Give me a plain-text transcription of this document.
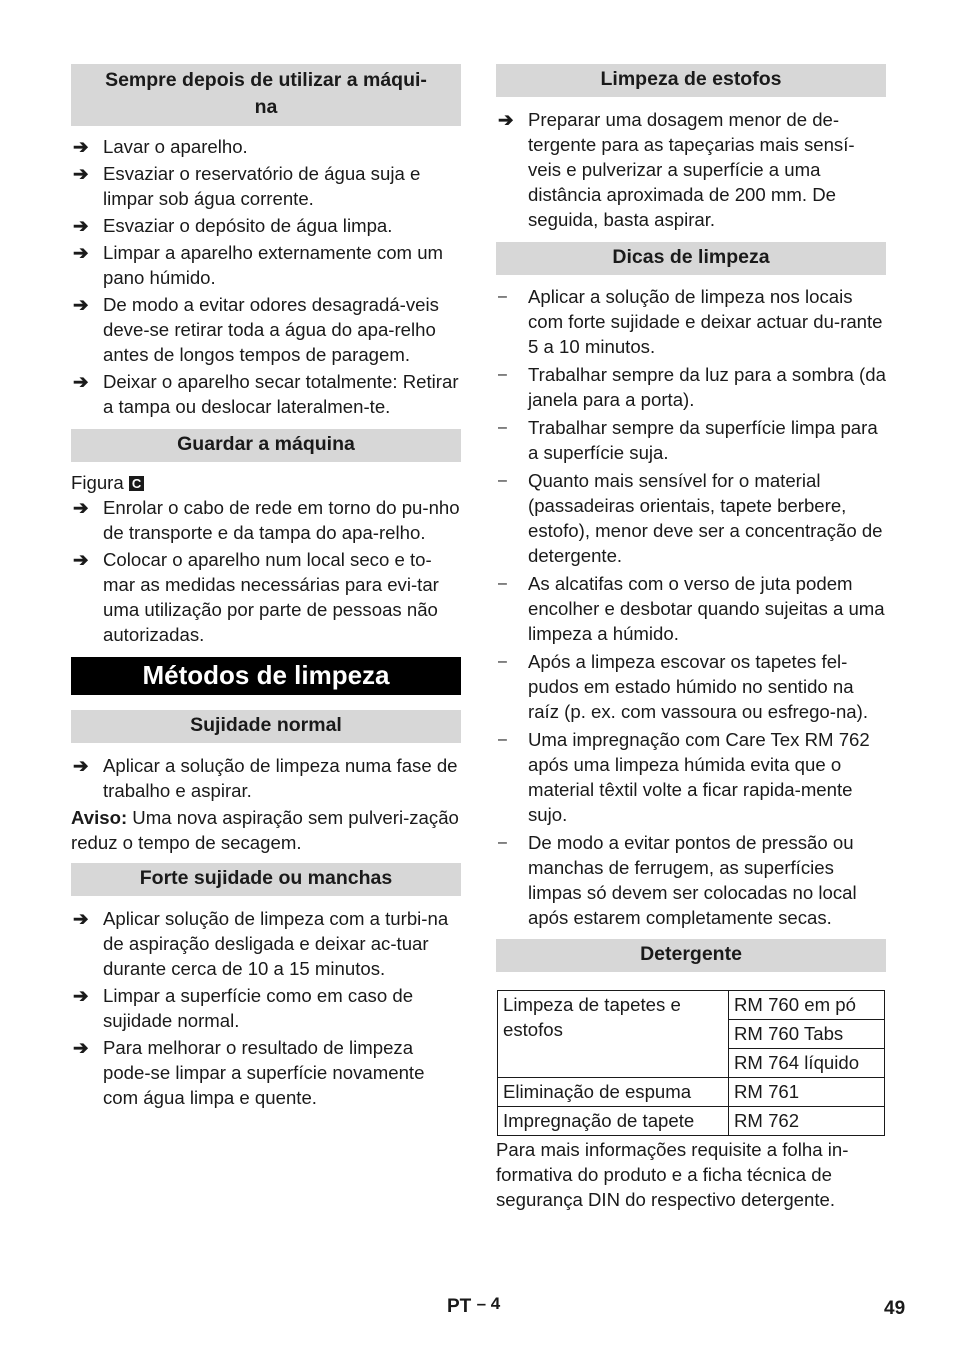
Sempre depois de utilizar a máqui-
na
➔ Lavar o aparelho.
➔ Esvaziar o reservatório de água suja e limpar sob água corrente.
➔ Esvaziar o depósito de água limpa.
➔ Limpar a aparelho externamente com um pano húmido.
➔ De modo a evitar odores desagradá-veis deve-se retirar toda a água do apa-relho antes de longos tempos de paragem.
➔ Deixar o aparelho secar totalmente: Retirar a tampa ou deslocar lateralmen-te.
Guardar a máquina
Figura C
➔ Enrolar o cabo de rede em torno do pu-nho de transporte e da tampa do apa-relho.
➔ Colocar o aparelho num local seco e to-mar as medidas necessárias para evi-tar uma utilização por parte de pessoas não autorizadas.
Métodos de limpeza
Sujidade normal
➔ Aplicar a solução de limpeza numa fase de trabalho e aspirar.
Aviso: Uma nova aspiração sem pulveri-zação reduz o tempo de secagem.
Forte sujidade ou manchas
➔ Aplicar solução de limpeza com a turbi-na de aspiração desligada e deixar ac-tuar durante cerca de 10 a 15 minutos.
➔ Limpar a superfície como em caso de sujidade normal.
➔ Para melhorar o resultado de limpeza pode-se limpar a superfície novamente com água limpa e quente.
Limpeza de estofos
➔ Preparar uma dosagem menor de de-tergente para as tapeçarias mais sensí-veis e pulverizar a superfície a uma distância aproximada de 200 mm. De seguida, basta aspirar.
Dicas de limpeza
–	Aplicar a solução de limpeza nos locais com forte sujidade e deixar actuar du-rante 5 a 10 minutos.
–	Trabalhar sempre da luz para a sombra (da janela para a porta).
–	Trabalhar sempre da superfície limpa para a superfície suja.
–	Quanto mais sensível for o material (passadeiras orientais, tapete berbere, estofo), menor deve ser a concentração de detergente.
–	As alcatifas com o verso de juta podem encolher e desbotar quando sujeitas a uma limpeza a húmido.
–	Após a limpeza escovar os tapetes fel-pudos em estado húmido no sentido na raíz (p. ex. com vassoura ou esfrego-na).
–	Uma impregnação com Care Tex RM 762 após uma limpeza húmida evita que o material têxtil volte a ficar rapida-mente sujo.
–	De modo a evitar pontos de pressão ou manchas de ferrugem, as superfícies limpas só devem ser colocadas no local após estarem completamente secas.
Detergente
Limpeza de tapetes e estofos	RM 760 em pó
	RM 760 Tabs
	RM 764 líquido
Eliminação de espuma	RM 761
Impregnação de tapete	RM 762
Para mais informações requisite a folha in-formativa do produto e a ficha técnica de segurança DIN do respectivo detergente.
PT – 4	49
